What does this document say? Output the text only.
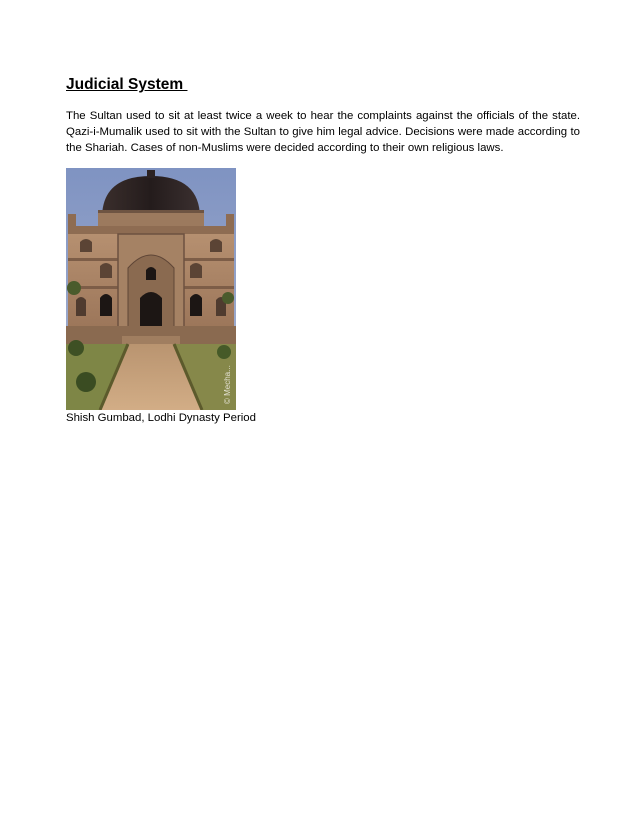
Judicial System

The Sultan used to sit at least twice a week to hear the complaints against the officials of the state. Qazi-i-Mumalik used to sit with the Sultan to give him legal advice. Decisions were made according to the Shariah. Cases of non-Muslims were decided according to their own religious laws.

© Mecha...

Shish Gumbad, Lodhi Dynasty Period
